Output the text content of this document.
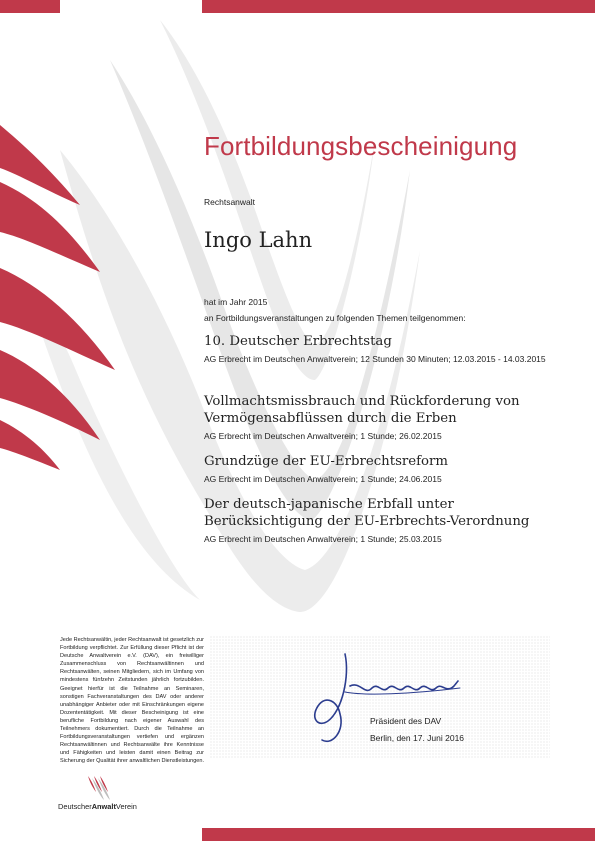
Fortbildungsbescheinigung
Rechtsanwalt
Ingo Lahn
hat im Jahr 2015
an Fortbildungsveranstaltungen zu folgenden Themen teilgenommen:
10. Deutscher Erbrechtstag
AG Erbrecht im Deutschen Anwaltverein; 12 Stunden 30 Minuten; 12.03.2015 - 14.03.2015
Vollmachtsmissbrauch und Rückforderung von Vermögensabflüssen durch die Erben
AG Erbrecht im Deutschen Anwaltverein; 1 Stunde; 26.02.2015
Grundzüge der EU-Erbrechtsreform
AG Erbrecht im Deutschen Anwaltverein; 1 Stunde; 24.06.2015
Der deutsch-japanische Erbfall unter Berücksichtigung der EU-Erbrechts-Verordnung
AG Erbrecht im Deutschen Anwaltverein; 1 Stunde; 25.03.2015
Jede Rechtsanwältin, jeder Rechtsanwalt ist gesetzlich zur Fortbildung verpflichtet. Zur Erfüllung dieser Pflicht ist der Deutsche Anwaltverein e.V. (DAV), ein freiwilliger Zusammenschluss von Rechtsanwältinnen und Rechtsanwälten, seinen Mitgliedern, sich im Umfang von mindestens fünfzehn Zeitstunden jährlich fortzubilden. Geeignet hierfür ist die Teilnahme an Seminaren, sonstigen Fachveranstaltungen des DAV oder anderer unabhängiger Anbieter oder mit Einschränkungen eigene Dozententätigkeit. Mit dieser Bescheinigung ist eine berufliche Fortbildung nach eigener Auswahl des Teilnehmers dokumentiert. Durch die Teilnahme an Fortbildungsveranstaltungen vertiefen und ergänzen Rechtsanwältinnen und Rechtsanwälte ihre Kenntnisse und Fähigkeiten und leisten damit einen Beitrag zur Sicherung der Qualität ihrer anwaltlichen Dienstleistungen.
Präsident des DAV
Berlin, den 17. Juni 2016
DeutscherAnwaltVerein
